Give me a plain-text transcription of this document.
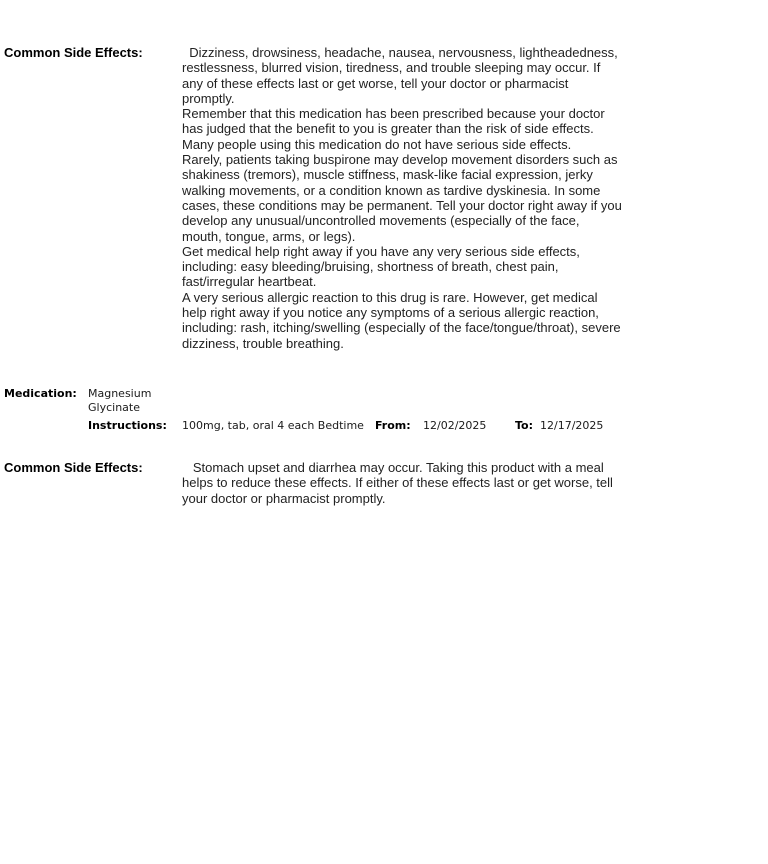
Common Side Effects:	Dizziness, drowsiness, headache, nausea, nervousness, lightheadedness, restlessness, blurred vision, tiredness, and trouble sleeping may occur. If any of these effects last or get worse, tell your doctor or pharmacist promptly.

Remember that this medication has been prescribed because your doctor has judged that the benefit to you is greater than the risk of side effects. Many people using this medication do not have serious side effects.

Rarely, patients taking buspirone may develop movement disorders such as shakiness (tremors), muscle stiffness, mask-like facial expression, jerky walking movements, or a condition known as tardive dyskinesia. In some cases, these conditions may be permanent. Tell your doctor right away if you develop any unusual/uncontrolled movements (especially of the face, mouth, tongue, arms, or legs).

Get medical help right away if you have any very serious side effects, including: easy bleeding/bruising, shortness of breath, chest pain, fast/irregular heartbeat.

A very serious allergic reaction to this drug is rare. However, get medical help right away if you notice any symptoms of a serious allergic reaction, including: rash, itching/swelling (especially of the face/tongue/throat), severe dizziness, trouble breathing.

Medication: Magnesium Glycinate
Instructions: 100mg, tab, oral 4 each Bedtime From: 12/02/2025	To: 12/17/2025
Common Side Effects:	Stomach upset and diarrhea may occur. Taking this product with a meal helps to reduce these effects. If either of these effects last or get worse, tell your doctor or pharmacist promptly.
